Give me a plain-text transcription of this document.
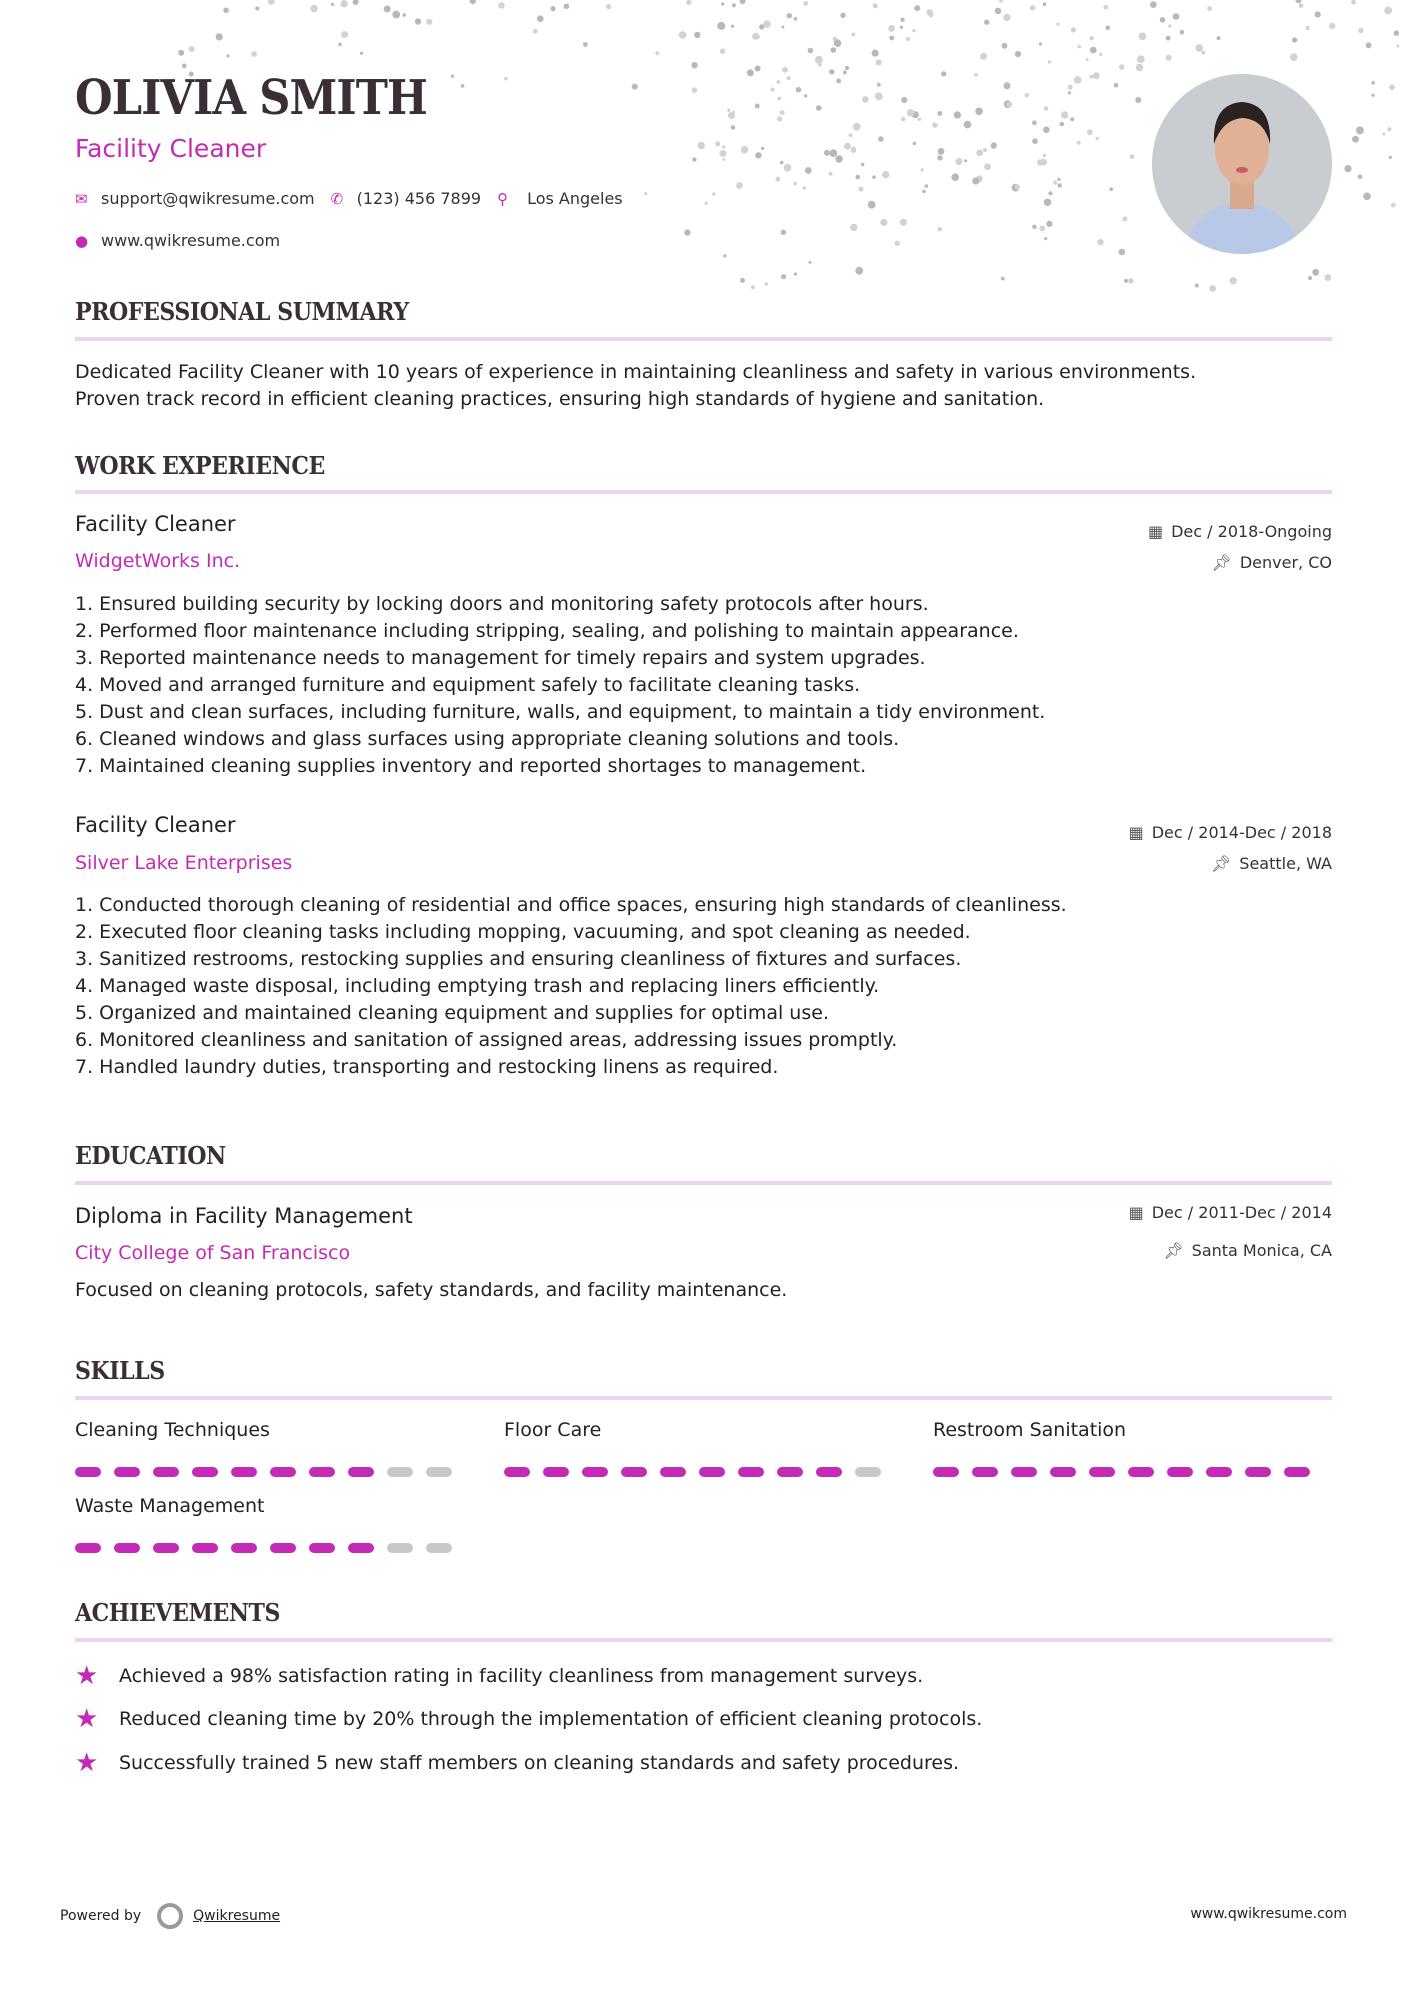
OLIVIA SMITH
Facility Cleaner
✉ support@qwikresume.com ✆ (123) 456 7899 ⚲	Los Angeles
● www.qwikresume.com
PROFESSIONAL SUMMARY
Dedicated Facility Cleaner with 10 years of experience in maintaining cleanliness and safety in various environments.
Proven track record in efficient cleaning practices, ensuring high standards of hygiene and sanitation.
WORK EXPERIENCE
Facility Cleaner
WidgetWorks Inc.
▦ Dec / 2018-Ongoing
📌︎ Denver, CO
1. Ensured building security by locking doors and monitoring safety protocols after hours.
2. Performed floor maintenance including stripping, sealing, and polishing to maintain appearance.
3. Reported maintenance needs to management for timely repairs and system upgrades.
4. Moved and arranged furniture and equipment safely to facilitate cleaning tasks.
5. Dust and clean surfaces, including furniture, walls, and equipment, to maintain a tidy environment.
6. Cleaned windows and glass surfaces using appropriate cleaning solutions and tools.
7. Maintained cleaning supplies inventory and reported shortages to management.
Facility Cleaner
Silver Lake Enterprises
▦ Dec / 2014-Dec / 2018
📌︎ Seattle, WA
1. Conducted thorough cleaning of residential and office spaces, ensuring high standards of cleanliness.
2. Executed floor cleaning tasks including mopping, vacuuming, and spot cleaning as needed.
3. Sanitized restrooms, restocking supplies and ensuring cleanliness of fixtures and surfaces.
4. Managed waste disposal, including emptying trash and replacing liners efficiently.
5. Organized and maintained cleaning equipment and supplies for optimal use.
6. Monitored cleanliness and sanitation of assigned areas, addressing issues promptly.
7. Handled laundry duties, transporting and restocking linens as required.
EDUCATION
Diploma in Facility Management
City College of San Francisco
▦ Dec / 2011-Dec / 2014
📌︎ Santa Monica, CA
Focused on cleaning protocols, safety standards, and facility maintenance.
SKILLS
Cleaning Techniques	Floor Care	Restroom Sanitation
Waste Management
ACHIEVEMENTS
★	Achieved a 98% satisfaction rating in facility cleanliness from management surveys.
★	Reduced cleaning time by 20% through the implementation of efficient cleaning protocols.
★	Successfully trained 5 new staff members on cleaning standards and safety procedures.
Powered by	Qwikresume	www.qwikresume.com
